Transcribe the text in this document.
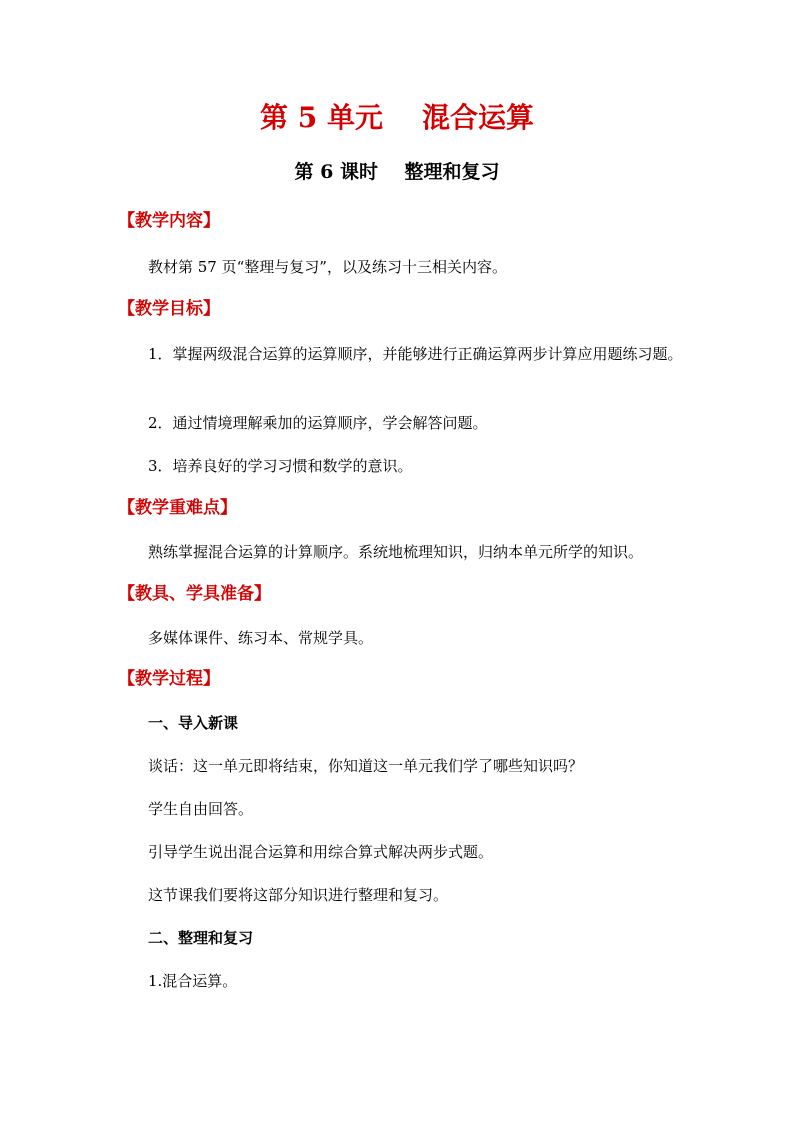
第 5 单元    混合运算
第 6 课时    整理和复习
【教学内容】
教材第 57 页“整理与复习”，以及练习十三相关内容。
【教学目标】
1．掌握两级混合运算的运算顺序，并能够进行正确运算两步计算应用题练习题。
2．通过情境理解乘加的运算顺序，学会解答问题。
3．培养良好的学习习惯和数学的意识。
【教学重难点】
熟练掌握混合运算的计算顺序。系统地梳理知识，归纳本单元所学的知识。
【教具、学具准备】
多媒体课件、练习本、常规学具。
【教学过程】
一、导入新课
谈话：这一单元即将结束，你知道这一单元我们学了哪些知识吗？
学生自由回答。
引导学生说出混合运算和用综合算式解决两步式题。
这节课我们要将这部分知识进行整理和复习。
二、整理和复习
1.混合运算。
